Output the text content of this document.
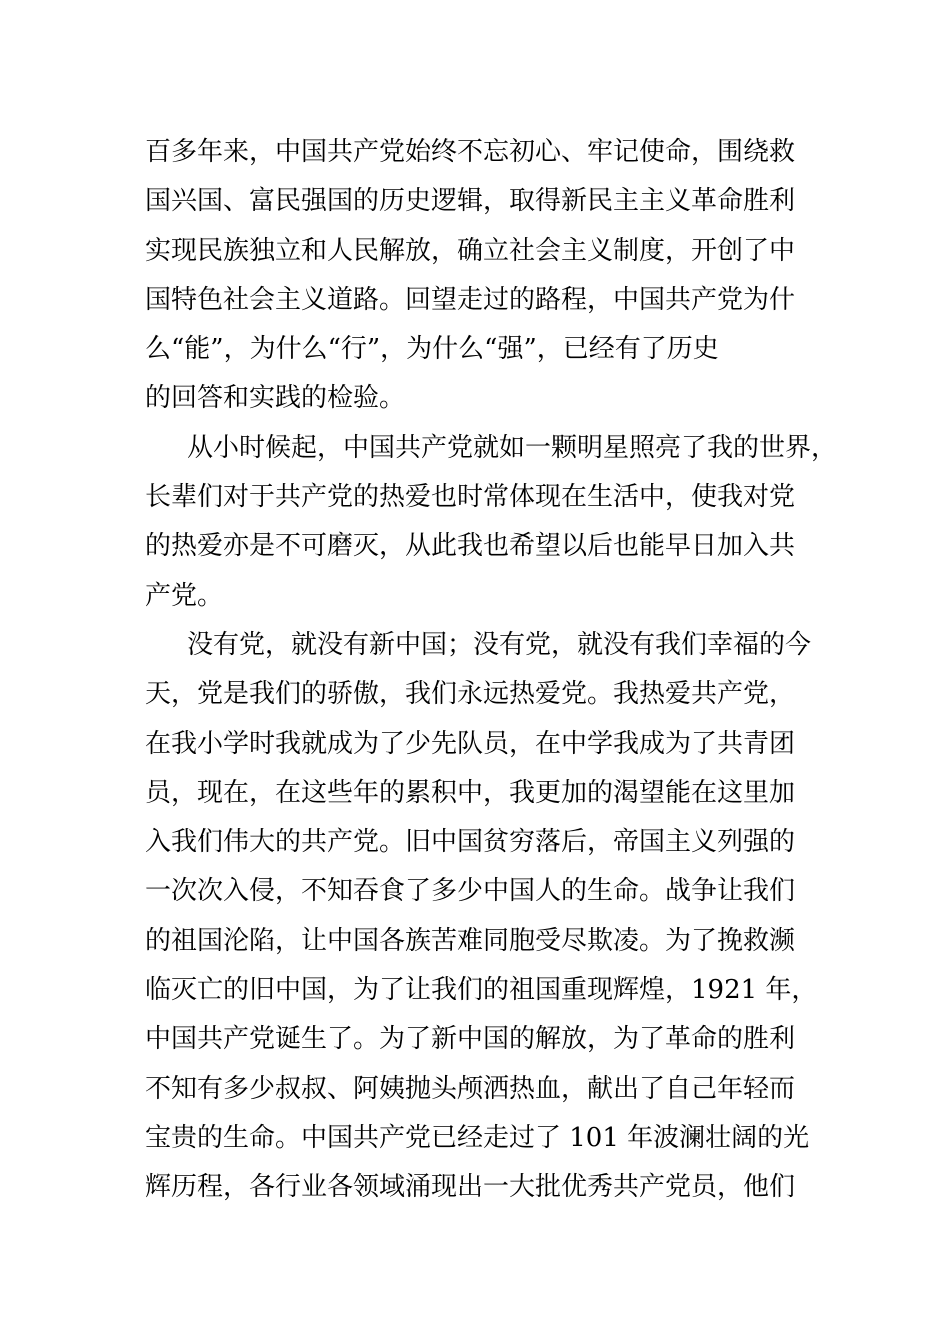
百多年来，中国共产党始终不忘初心、牢记使命，围绕救
国兴国、富民强国的历史逻辑，取得新民主主义革命胜利
实现民族独立和人民解放，确立社会主义制度，开创了中
国特色社会主义道路。回望走过的路程，中国共产党为什
么“能”，为什么“行”，为什么“强”，已经有了历史
的回答和实践的检验。
从小时候起，中国共产党就如一颗明星照亮了我的世界，
长辈们对于共产党的热爱也时常体现在生活中，使我对党
的热爱亦是不可磨灭，从此我也希望以后也能早日加入共
产党。
没有党，就没有新中国；没有党，就没有我们幸福的今
天，党是我们的骄傲，我们永远热爱党。我热爱共产党，
在我小学时我就成为了少先队员，在中学我成为了共青团
员，现在，在这些年的累积中，我更加的渴望能在这里加
入我们伟大的共产党。旧中国贫穷落后，帝国主义列强的
一次次入侵，不知吞食了多少中国人的生命。战争让我们
的祖国沦陷，让中国各族苦难同胞受尽欺凌。为了挽救濒
临灭亡的旧中国，为了让我们的祖国重现辉煌，1921 年，
中国共产党诞生了。为了新中国的解放，为了革命的胜利
不知有多少叔叔、阿姨抛头颅洒热血，献出了自己年轻而
宝贵的生命。中国共产党已经走过了 101 年波澜壮阔的光
辉历程，各行业各领域涌现出一大批优秀共产党员，他们
